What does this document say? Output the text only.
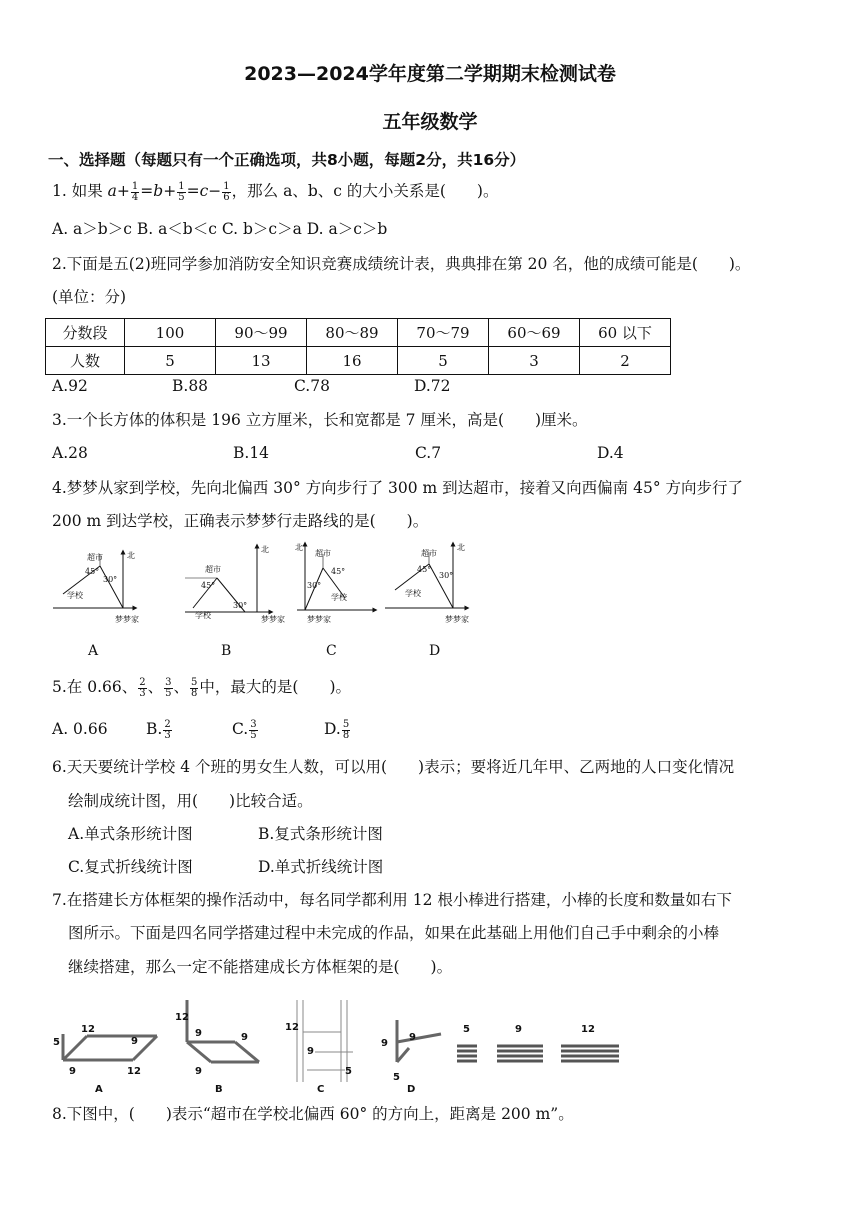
2023—2024学年度第二学期期末检测试卷
五年级数学
一、选择题（每题只有一个正确选项，共8小题，每题2分，共16分）
1. 如果 $a+ \frac{1}{4} =b+ \frac{1}{5} =c- \frac{1}{6}$ ，那么 a、b、c 的大小关系是(　　)。
A. a＞b＞c B. a＜b＜c C. b＞c＞a D. a＞c＞b
2.下面是五(2)班同学参加消防安全知识竞赛成绩统计表，典典排在第 20 名，他的成绩可能是(　　)。
(单位：分)
分数段	100	90～99	80～89	70～79	60～69	60 以下
人数	5	13	16	5	3	2
A.92	B.88	C.78	D.72
3.一个长方体的体积是 196 立方厘米，长和宽都是 7 厘米，高是(　　)厘米。
A.28	B.14	C.7	D.4
4.梦梦从家到学校，先向北偏西 30° 方向步行了 300 m 到达超市，接着又向西偏南 45° 方向步行了
200 m 到达学校，正确表示梦梦行走路线的是(　　)。
北
超市
学校
梦梦家
30°
45°
北
超市
学校	梦梦家
30°
45°
北
超市
学校
梦梦家
30°
45°
北
超市
学校
梦梦家
30°
45°
A	B	C	D
5.在 0.66、 $\frac{2}{3}$ 、 $\frac{3}{5}$ 、 $\frac{5}{8}$ 中，最大的是(　　)。
A. 0.66 B. $\frac{2}{3}$	C. $\frac{3}{5}$	D. $\frac{5}{8}$
6.天天要统计学校 4 个班的男女生人数，可以用(　　)表示；要将近几年甲、乙两地的人口变化情况
绘制成统计图，用(　　)比较合适。
A.单式条形统计图	B.复式条形统计图
C.复式折线统计图	D.单式折线统计图
7.在搭建长方体框架的操作活动中，每名同学都利用 12 根小棒进行搭建，小棒的长度和数量如右下
图所示。下面是四名同学搭建过程中未完成的作品，如果在此基础上用他们自己手中剩余的小棒
继续搭建，那么一定不能搭建成长方体框架的是(　　)。
5
12
9
9	12
A
12
9	9
9
B
12
9
5
C
9
9
5
D
5	9	12
8.下图中，(　　)表示“超市在学校北偏西 60° 的方向上，距离是 200 m”。
